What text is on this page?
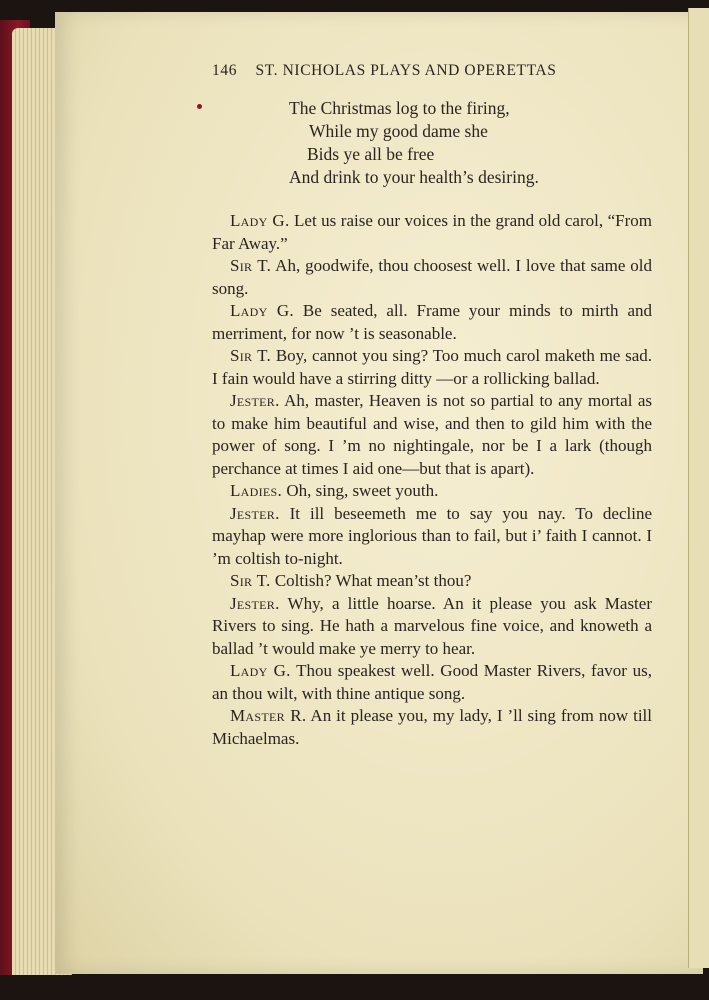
146 ST. NICHOLAS PLAYS AND OPERETTAS
The Christmas log to the firing,
While my good dame she
Bids ye all be free
And drink to your health’s desiring.

Lady G. Let us raise our voices in the grand old carol, “From Far Away.”

Sir T. Ah, goodwife, thou choosest well. I love that same old song.

Lady G. Be seated, all. Frame your minds to mirth and merriment, for now ’t is seasonable.

Sir T. Boy, cannot you sing? Too much carol maketh me sad. I fain would have a stirring ditty —or a rollicking ballad.

Jester. Ah, master, Heaven is not so partial to any mortal as to make him beautiful and wise, and then to gild him with the power of song. I ’m no nightingale, nor be I a lark (though perchance at times I aid one—but that is apart).

Ladies. Oh, sing, sweet youth.

Jester. It ill beseemeth me to say you nay. To decline mayhap were more inglorious than to fail, but i’ faith I cannot. I ’m coltish to-night.

Sir T. Coltish? What mean’st thou?

Jester. Why, a little hoarse. An it please you ask Master Rivers to sing. He hath a marvelous fine voice, and knoweth a ballad ’t would make ye merry to hear.

Lady G. Thou speakest well. Good Master Rivers, favor us, an thou wilt, with thine antique song.

Master R. An it please you, my lady, I ’ll sing from now till Michaelmas.
